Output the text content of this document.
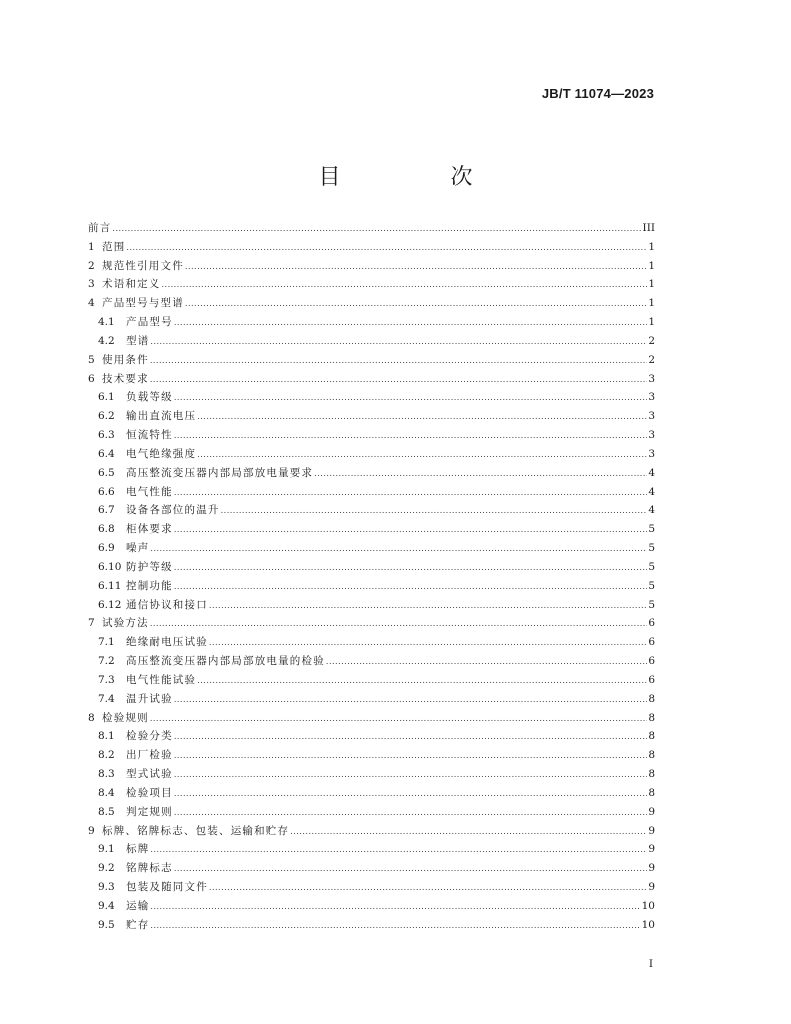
JB/T 11074—2023
目　次
前言 .....	III
1 范围 .....	1
2 规范性引用文件 .....	1
3 术语和定义 .....	1
4 产品型号与型谱 .....	1
4.1	产品型号 .....	1
4.2	型谱 .....	2
5 使用条件 .....	2
6 技术要求 .....	3
6.1	负载等级 .....	3
6.2	输出直流电压 .....	3
6.3	恒流特性 .....	3
6.4	电气绝缘强度 .....	3
6.5	高压整流变压器内部局部放电量要求 .....	4
6.6	电气性能 .....	4
6.7	设备各部位的温升 .....	4
6.8	柜体要求 .....	5
6.9	噪声 .....	5
6.10 防护等级 .....	5
6.11 控制功能 .....	5
6.12 通信协议和接口 .....	5
7 试验方法 .....	6
7.1	绝缘耐电压试验 .....	6
7.2	高压整流变压器内部局部放电量的检验 .....	6
7.3	电气性能试验 .....	6
7.4	温升试验 .....	8
8 检验规则 .....	8
8.1	检验分类 .....	8
8.2	出厂检验 .....	8
8.3	型式试验 .....	8
8.4	检验项目 .....	8
8.5	判定规则 .....	9
9 标牌、铭牌标志、包装、运输和贮存 .....	9
9.1	标牌 .....	9
9.2	铭牌标志 .....	9
9.3	包装及随同文件 .....	9
9.4	运输 .....	10
9.5	贮存 .....	10
I
